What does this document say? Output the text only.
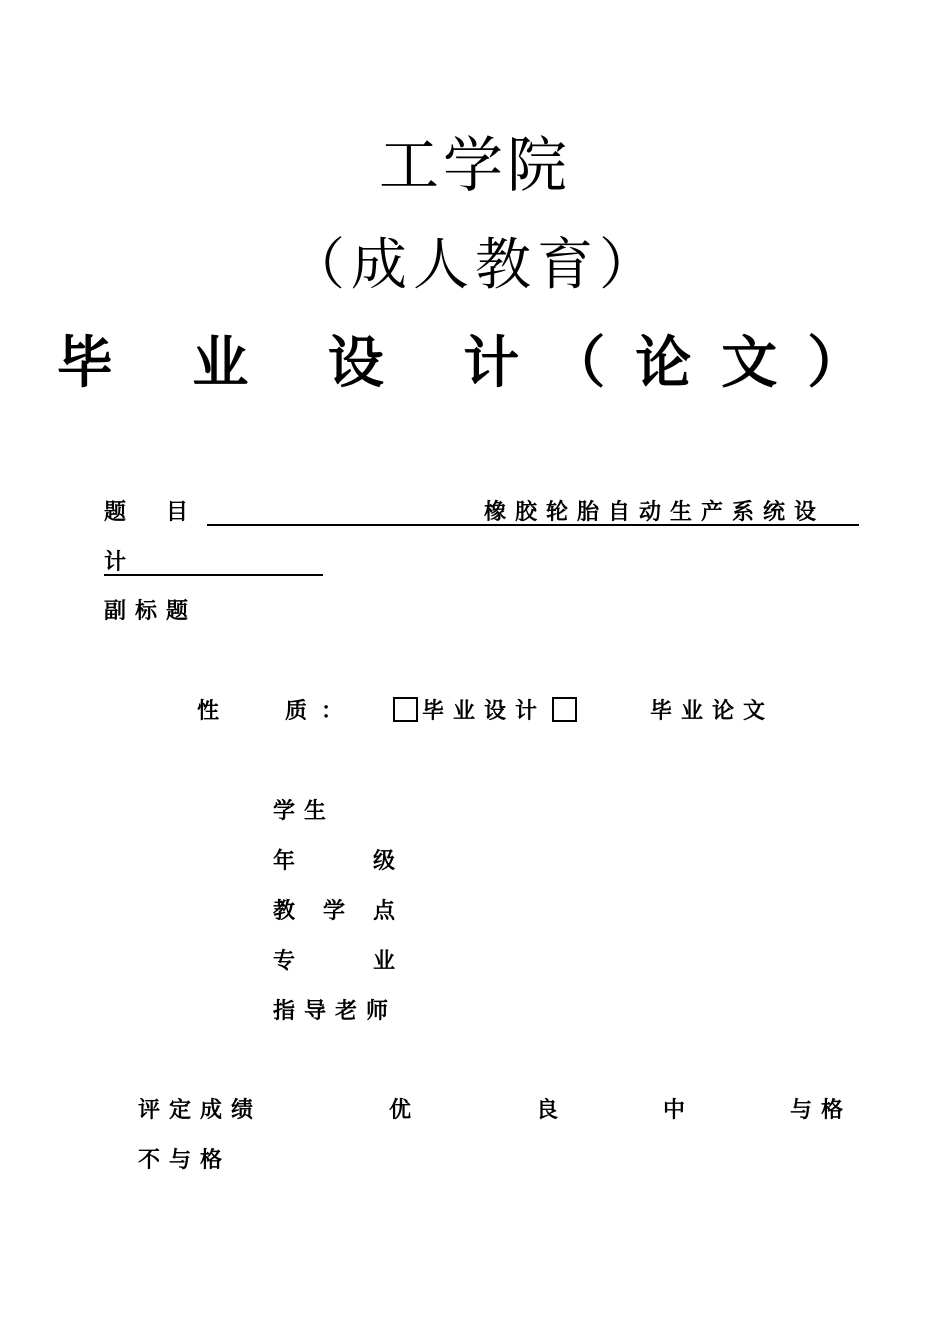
工学院
（成人教育）
毕 业 设 计（论文）
题目	橡胶轮胎自动生产系统设
计
副标题
性	质：	毕业设计	毕业论文
学生
年级
教学点
专业
指导老师
评定成绩	优	良	中	与格
不与格
